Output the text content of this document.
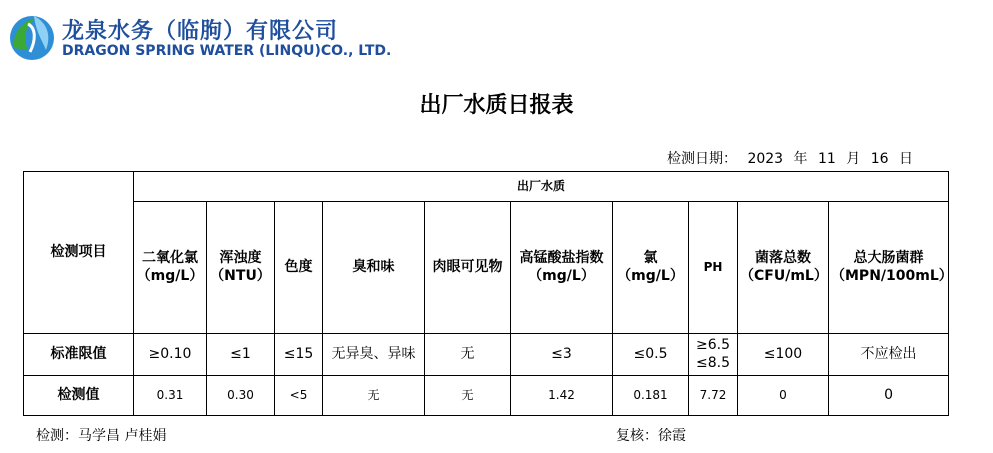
龙泉水务（临朐）有限公司
DRAGON SPRING WATER (LINQU)CO., LTD.
出厂水质日报表
检测日期： 2023 年 11 月 16 日
检测项目	出厂水质									
	二氧化氯（mg/L）	浑浊度（NTU）	色度	臭和味	肉眼可见物	高锰酸盐指数（mg/L）	氯（mg/L）	PH	菌落总数（CFU/mL）	总大肠菌群（MPN/100mL）
标准限值	≥0.10	≤1	≤15	无异臭、异味	无	≤3	≤0.5	≥6.5 ≤8.5	≤100	不应检出
检测值	0.31	0.30	<5	无	无	1.42	0.181	7.72	0	0
检测：马学昌 卢桂娟	复核：徐霞
